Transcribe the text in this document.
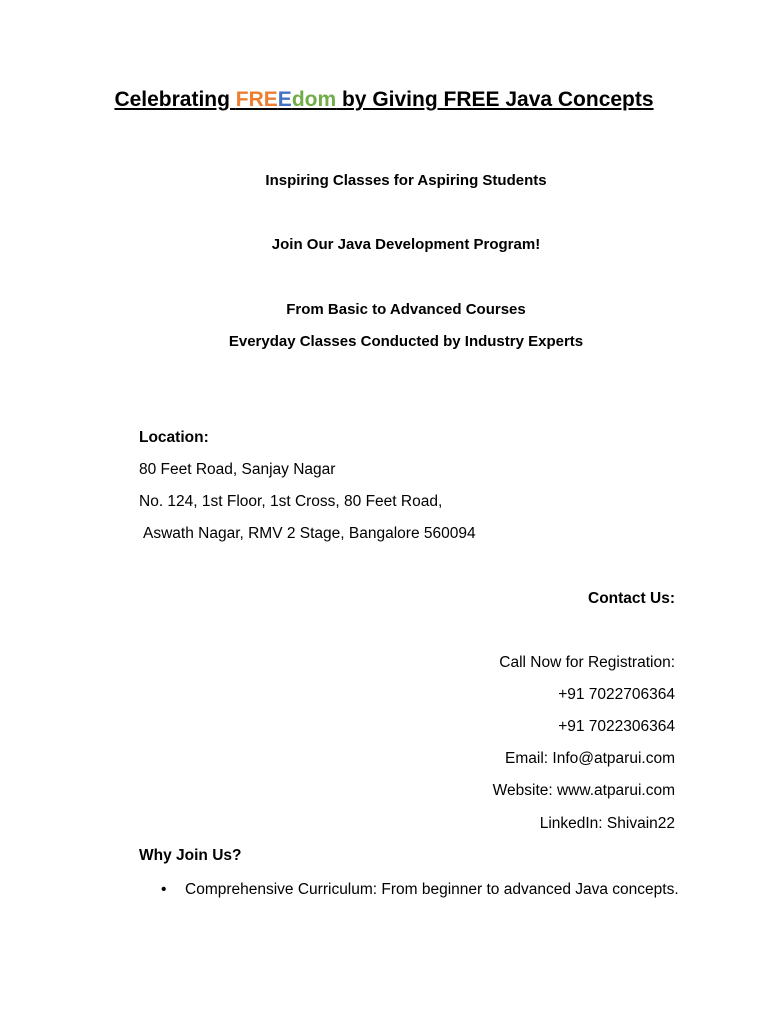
Celebrating FREEdom by Giving FREE Java Concepts
Inspiring Classes for Aspiring Students
Join Our Java Development Program!
From Basic to Advanced Courses
Everyday Classes Conducted by Industry Experts
Location:
80 Feet Road, Sanjay Nagar
No. 124, 1st Floor, 1st Cross, 80 Feet Road,
Aswath Nagar, RMV 2 Stage, Bangalore 560094
Contact Us:
Call Now for Registration:
+91 7022706364
+91 7022306364
Email: Info@atparui.com
Website: www.atparui.com
LinkedIn: Shivain22
Why Join Us?
• Comprehensive Curriculum: From beginner to advanced Java concepts.
